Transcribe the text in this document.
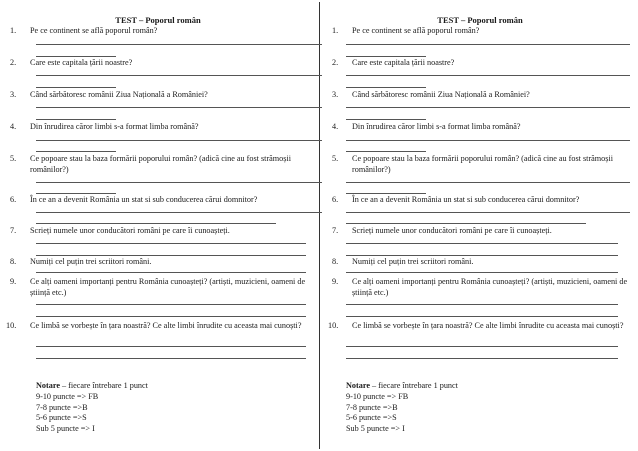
TEST – Poporul român
1. Pe ce continent se află poporul român?
2. Care este capitala țării noastre?
3. Când sărbătoresc românii Ziua Națională a României?
4. Din înrudirea căror limbi s-a format limba română?
5. Ce popoare stau la baza formării poporului român? (adică cine au fost strămoșii românilor?)
6. În ce an a devenit România un stat si sub conducerea cărui domnitor?
7. Scrieți numele unor conducători români pe care îi cunoașteți.
8. Numiți cel puțin trei scriitori români.
9. Ce alți oameni importanți pentru România cunoașteți? (artiști, muzicieni, oameni de știință etc.)
10. Ce limbă se vorbește în țara noastră? Ce alte limbi înrudite cu aceasta mai cunoști?
Notare – fiecare întrebare 1 punct
9-10 puncte => FB
7-8 puncte =>B
5-6 puncte =>S
Sub 5 puncte => I
TEST – Poporul român
1. Pe ce continent se află poporul român?
2. Care este capitala țării noastre?
3. Când sărbătoresc românii Ziua Națională a României?
4. Din înrudirea căror limbi s-a format limba română?
5. Ce popoare stau la baza formării poporului român? (adică cine au fost strămoșii românilor?)
6. În ce an a devenit România un stat si sub conducerea cărui domnitor?
7. Scrieți numele unor conducători români pe care îi cunoașteți.
8. Numiți cel puțin trei scriitori români.
9. Ce alți oameni importanți pentru România cunoașteți? (artiști, muzicieni, oameni de știință etc.)
10. Ce limbă se vorbește în țara noastră? Ce alte limbi înrudite cu aceasta mai cunoști?
Notare – fiecare întrebare 1 punct
9-10 puncte => FB
7-8 puncte =>B
5-6 puncte =>S
Sub 5 puncte => I
